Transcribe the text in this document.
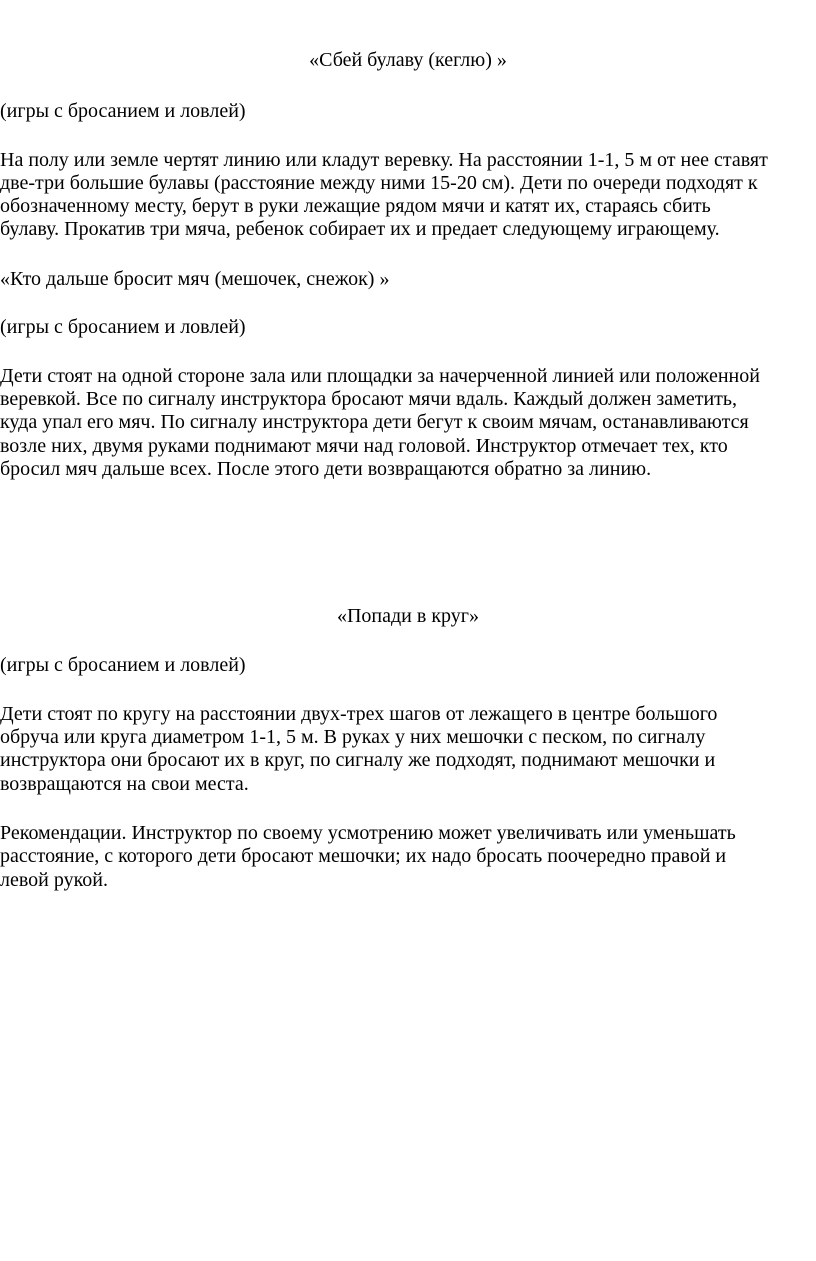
«Сбей булаву (кеглю) »

(игры с бросанием и ловлей)

На полу или земле чертят линию или кладут веревку. На расстоянии 1-1, 5 м от нее ставят

две-три большие булавы (расстояние между ними 15-20 см). Дети по очереди подходят к

обозначенному месту, берут в руки лежащие рядом мячи и катят их, стараясь сбить

булаву. Прокатив три мяча, ребенок собирает их и предает следующему играющему.

«Кто дальше бросит мяч (мешочек, снежок) »

(игры с бросанием и ловлей)

Дети стоят на одной стороне зала или площадки за начерченной линией или положенной

веревкой. Все по сигналу инструктора бросают мячи вдаль. Каждый должен заметить,

куда упал его мяч. По сигналу инструктора дети бегут к своим мячам, останавливаются

возле них, двумя руками поднимают мячи над головой. Инструктор отмечает тех, кто

бросил мяч дальше всех. После этого дети возвращаются обратно за линию.

«Попади в круг»

(игры с бросанием и ловлей)

Дети стоят по кругу на расстоянии двух-трех шагов от лежащего в центре большого

обруча или круга диаметром 1-1, 5 м. В руках у них мешочки с песком, по сигналу

инструктора они бросают их в круг, по сигналу же подходят, поднимают мешочки и

возвращаются на свои места.

Рекомендации. Инструктор по своему усмотрению может увеличивать или уменьшать

расстояние, с которого дети бросают мешочки; их надо бросать поочередно правой и

левой рукой.
